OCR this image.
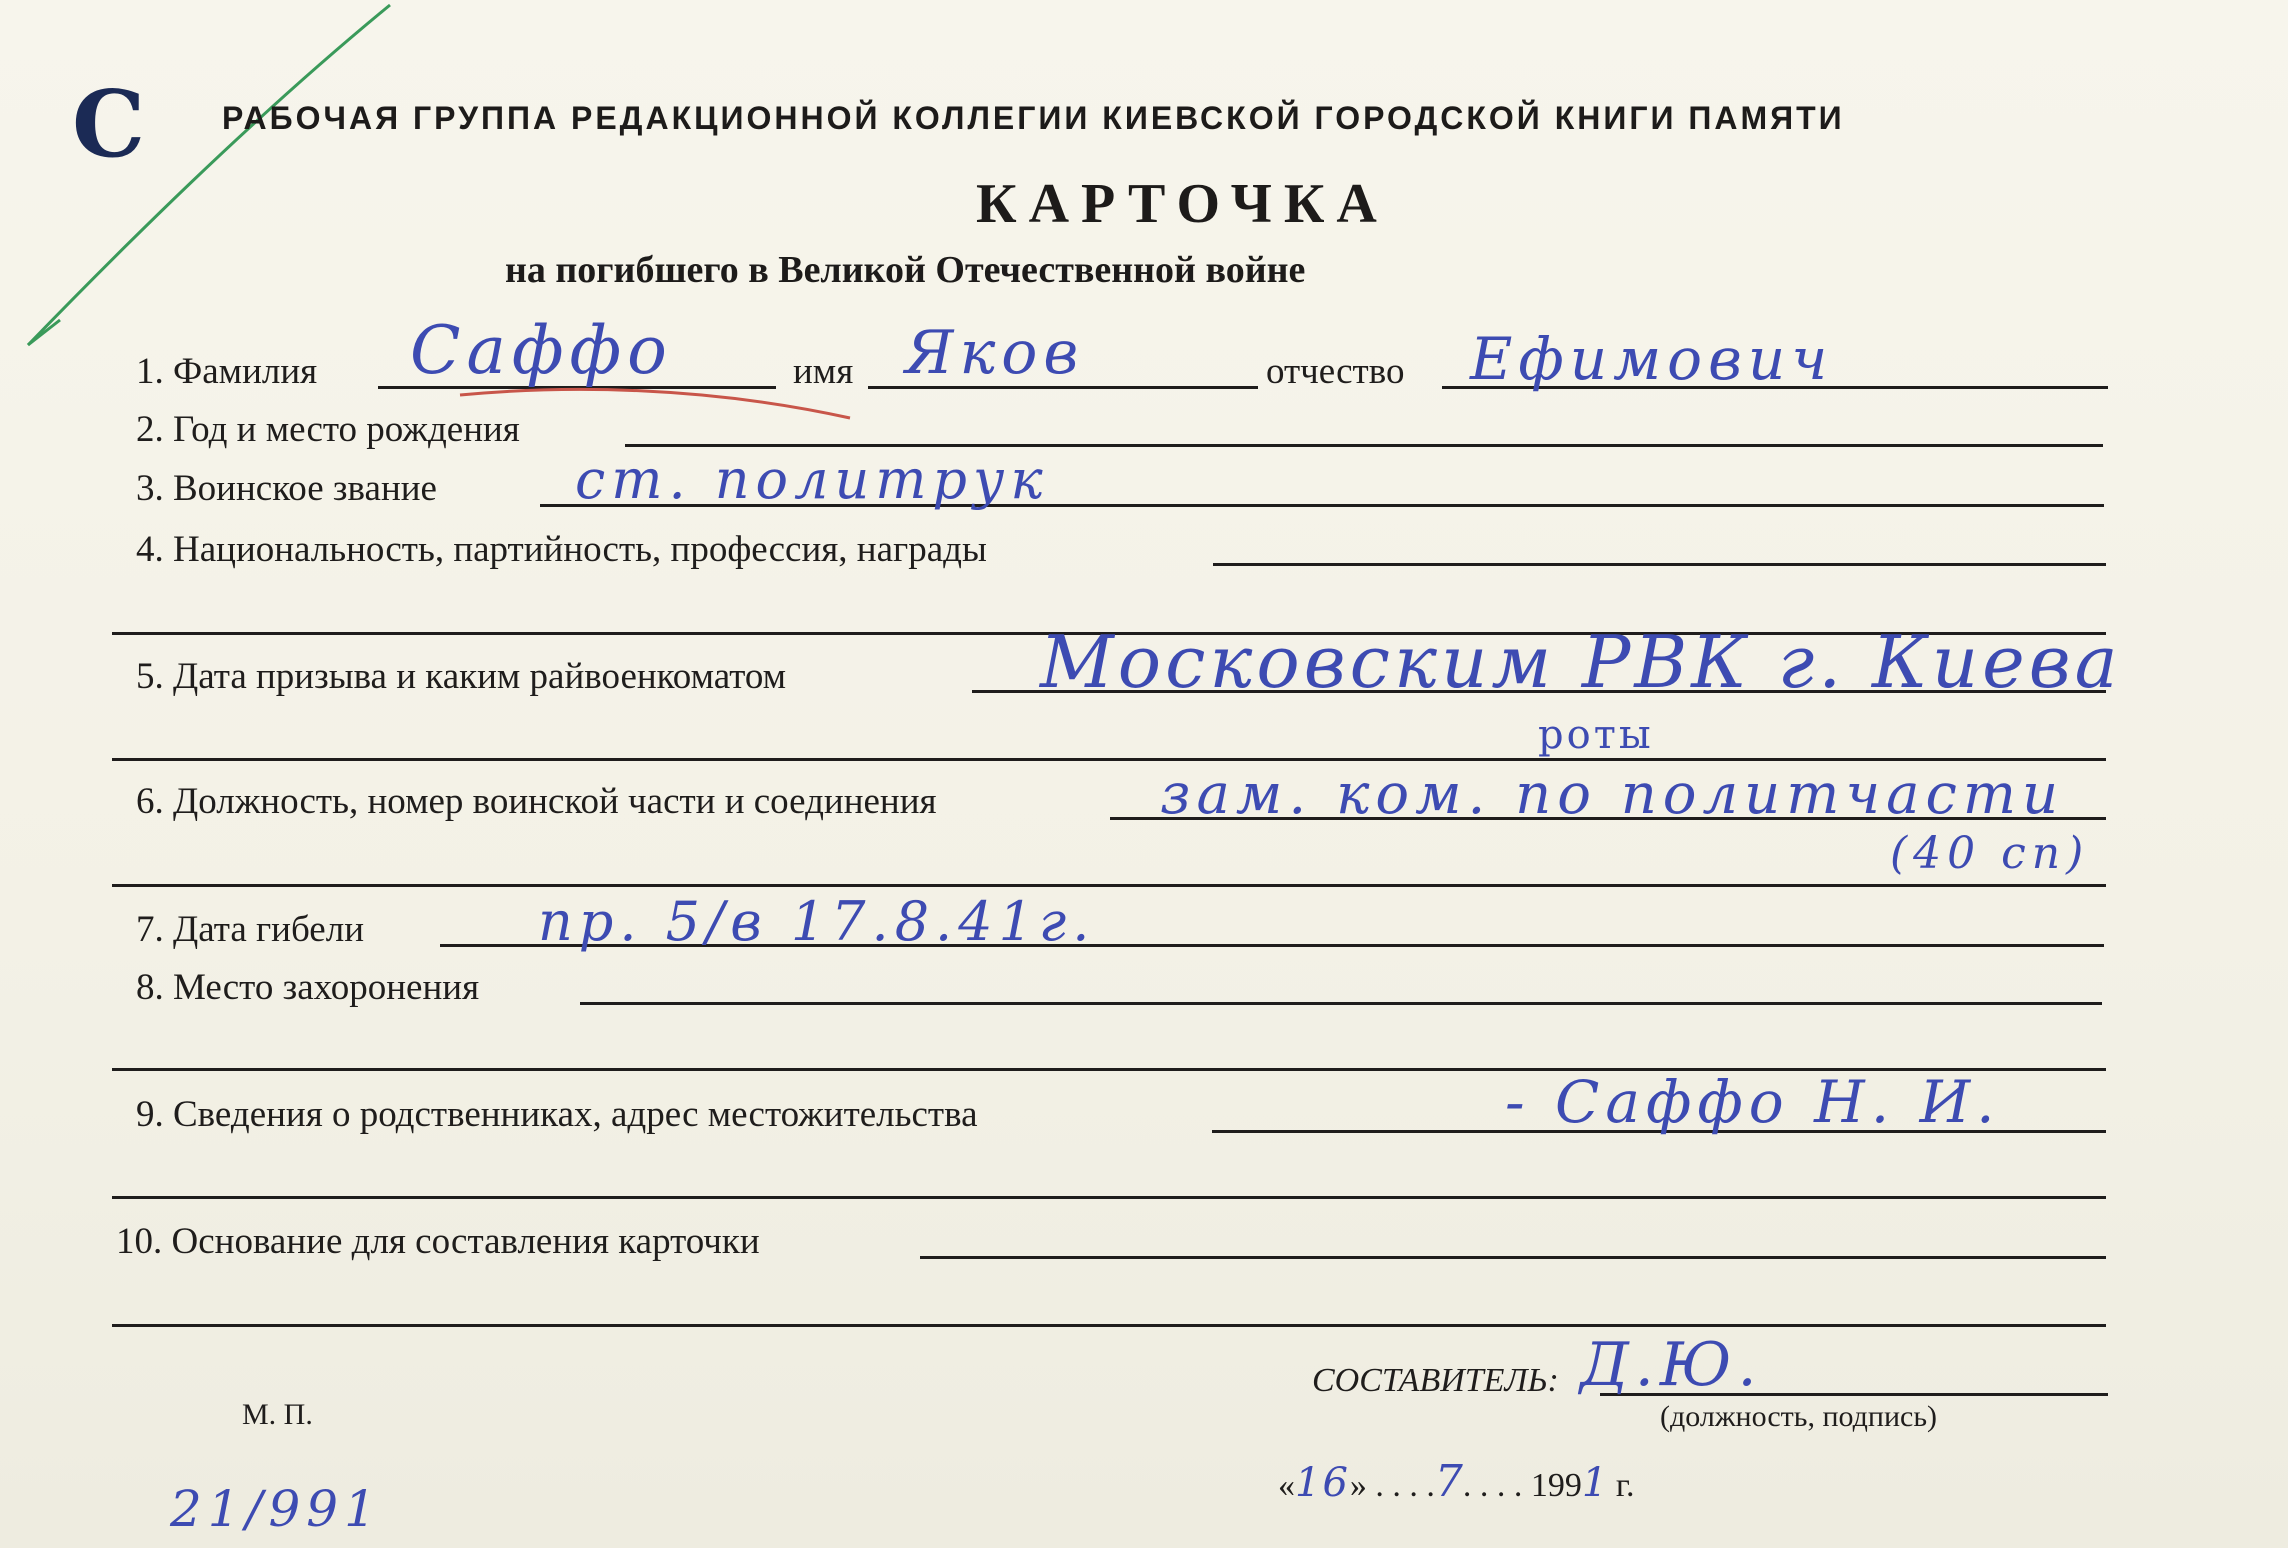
С РАБОЧАЯ ГРУППА РЕДАКЦИОННОЙ КОЛЛЕГИИ КИЕВСКОЙ ГОРОДСКОЙ КНИГИ ПАМЯТИ
КАРТОЧКА
на погибшего в Великой Отечественной войне
1. Фамилия	имя	отчество
Саффо	Яков	Ефимович
2. Год и место рождения
3. Воинское звание	ст. политрук
4. Национальность, партийность, профессия, награды
5. Дата призыва и каким райвоенкоматом	Московским РВК г. Киева
6. Должность, номер воинской части и соединения
роты
зам. ком. по политчасти
(40 сп)
7. Дата гибели	пр. 5/в 17.8.41г.
8. Место захоронения
9. Сведения о родственниках, адрес местожительства	- Саффо Н. И.
10. Основание для составления карточки
М. П.
СОСТАВИТЕЛЬ: Д.Ю.
(должность, подпись)
«16» . . . .7. . . . 1991 г.
21/991
